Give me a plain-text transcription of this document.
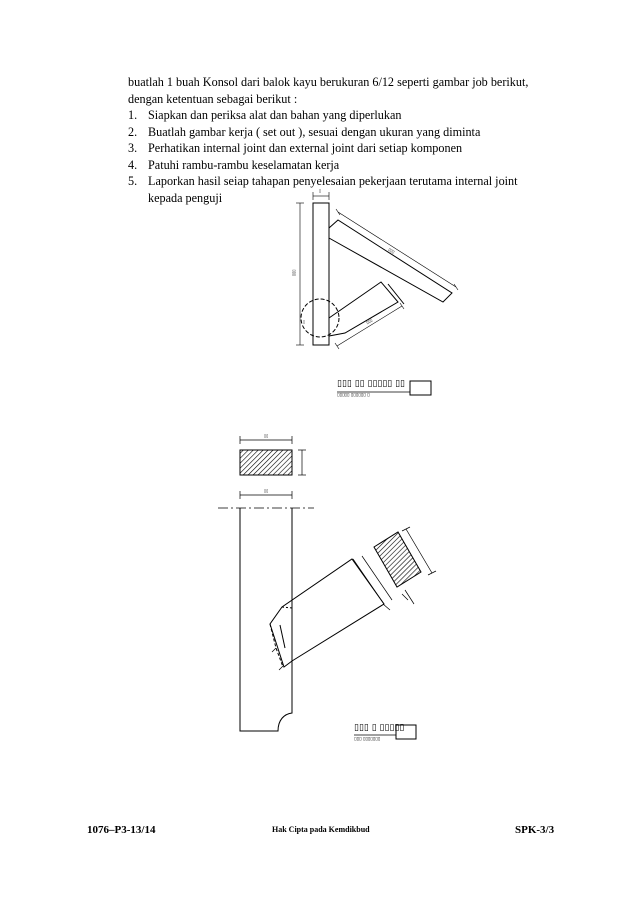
buatlah 1 buah Konsol dari balok kayu berukuran 6/12 seperti gambar job berikut,

dengan ketentuan sebagai berikut :

1. Siapkan dan periksa alat dan bahan yang diperlukan
2. Buatlah gambar kerja ( set out ), sesuai dengan ukuran yang diminta
3. Perhatikan internal joint dan external joint dari setiap komponen
4. Patuhi rambu-rambu keselamatan kerja
5. Laporkan hasil seiap tahapan penyelesaian pekerjaan terutama internal joint
kepada penguji	▯
▯▯▯
▯▯▯
▯▯▯
▯
▯▯▯ ▯▯ ▯▯▯▯▯ ▯▯
▯▯▯▯▯ ▯▯▯▯▯▯ ▯
▯▯
▯▯
▯▯▯ ▯ ▯▯▯▯▯
▯▯▯ ▯▯▯▯▯▯▯
1076–P3-13/14	Hak Cipta pada Kemdikbud	SPK-3/3
